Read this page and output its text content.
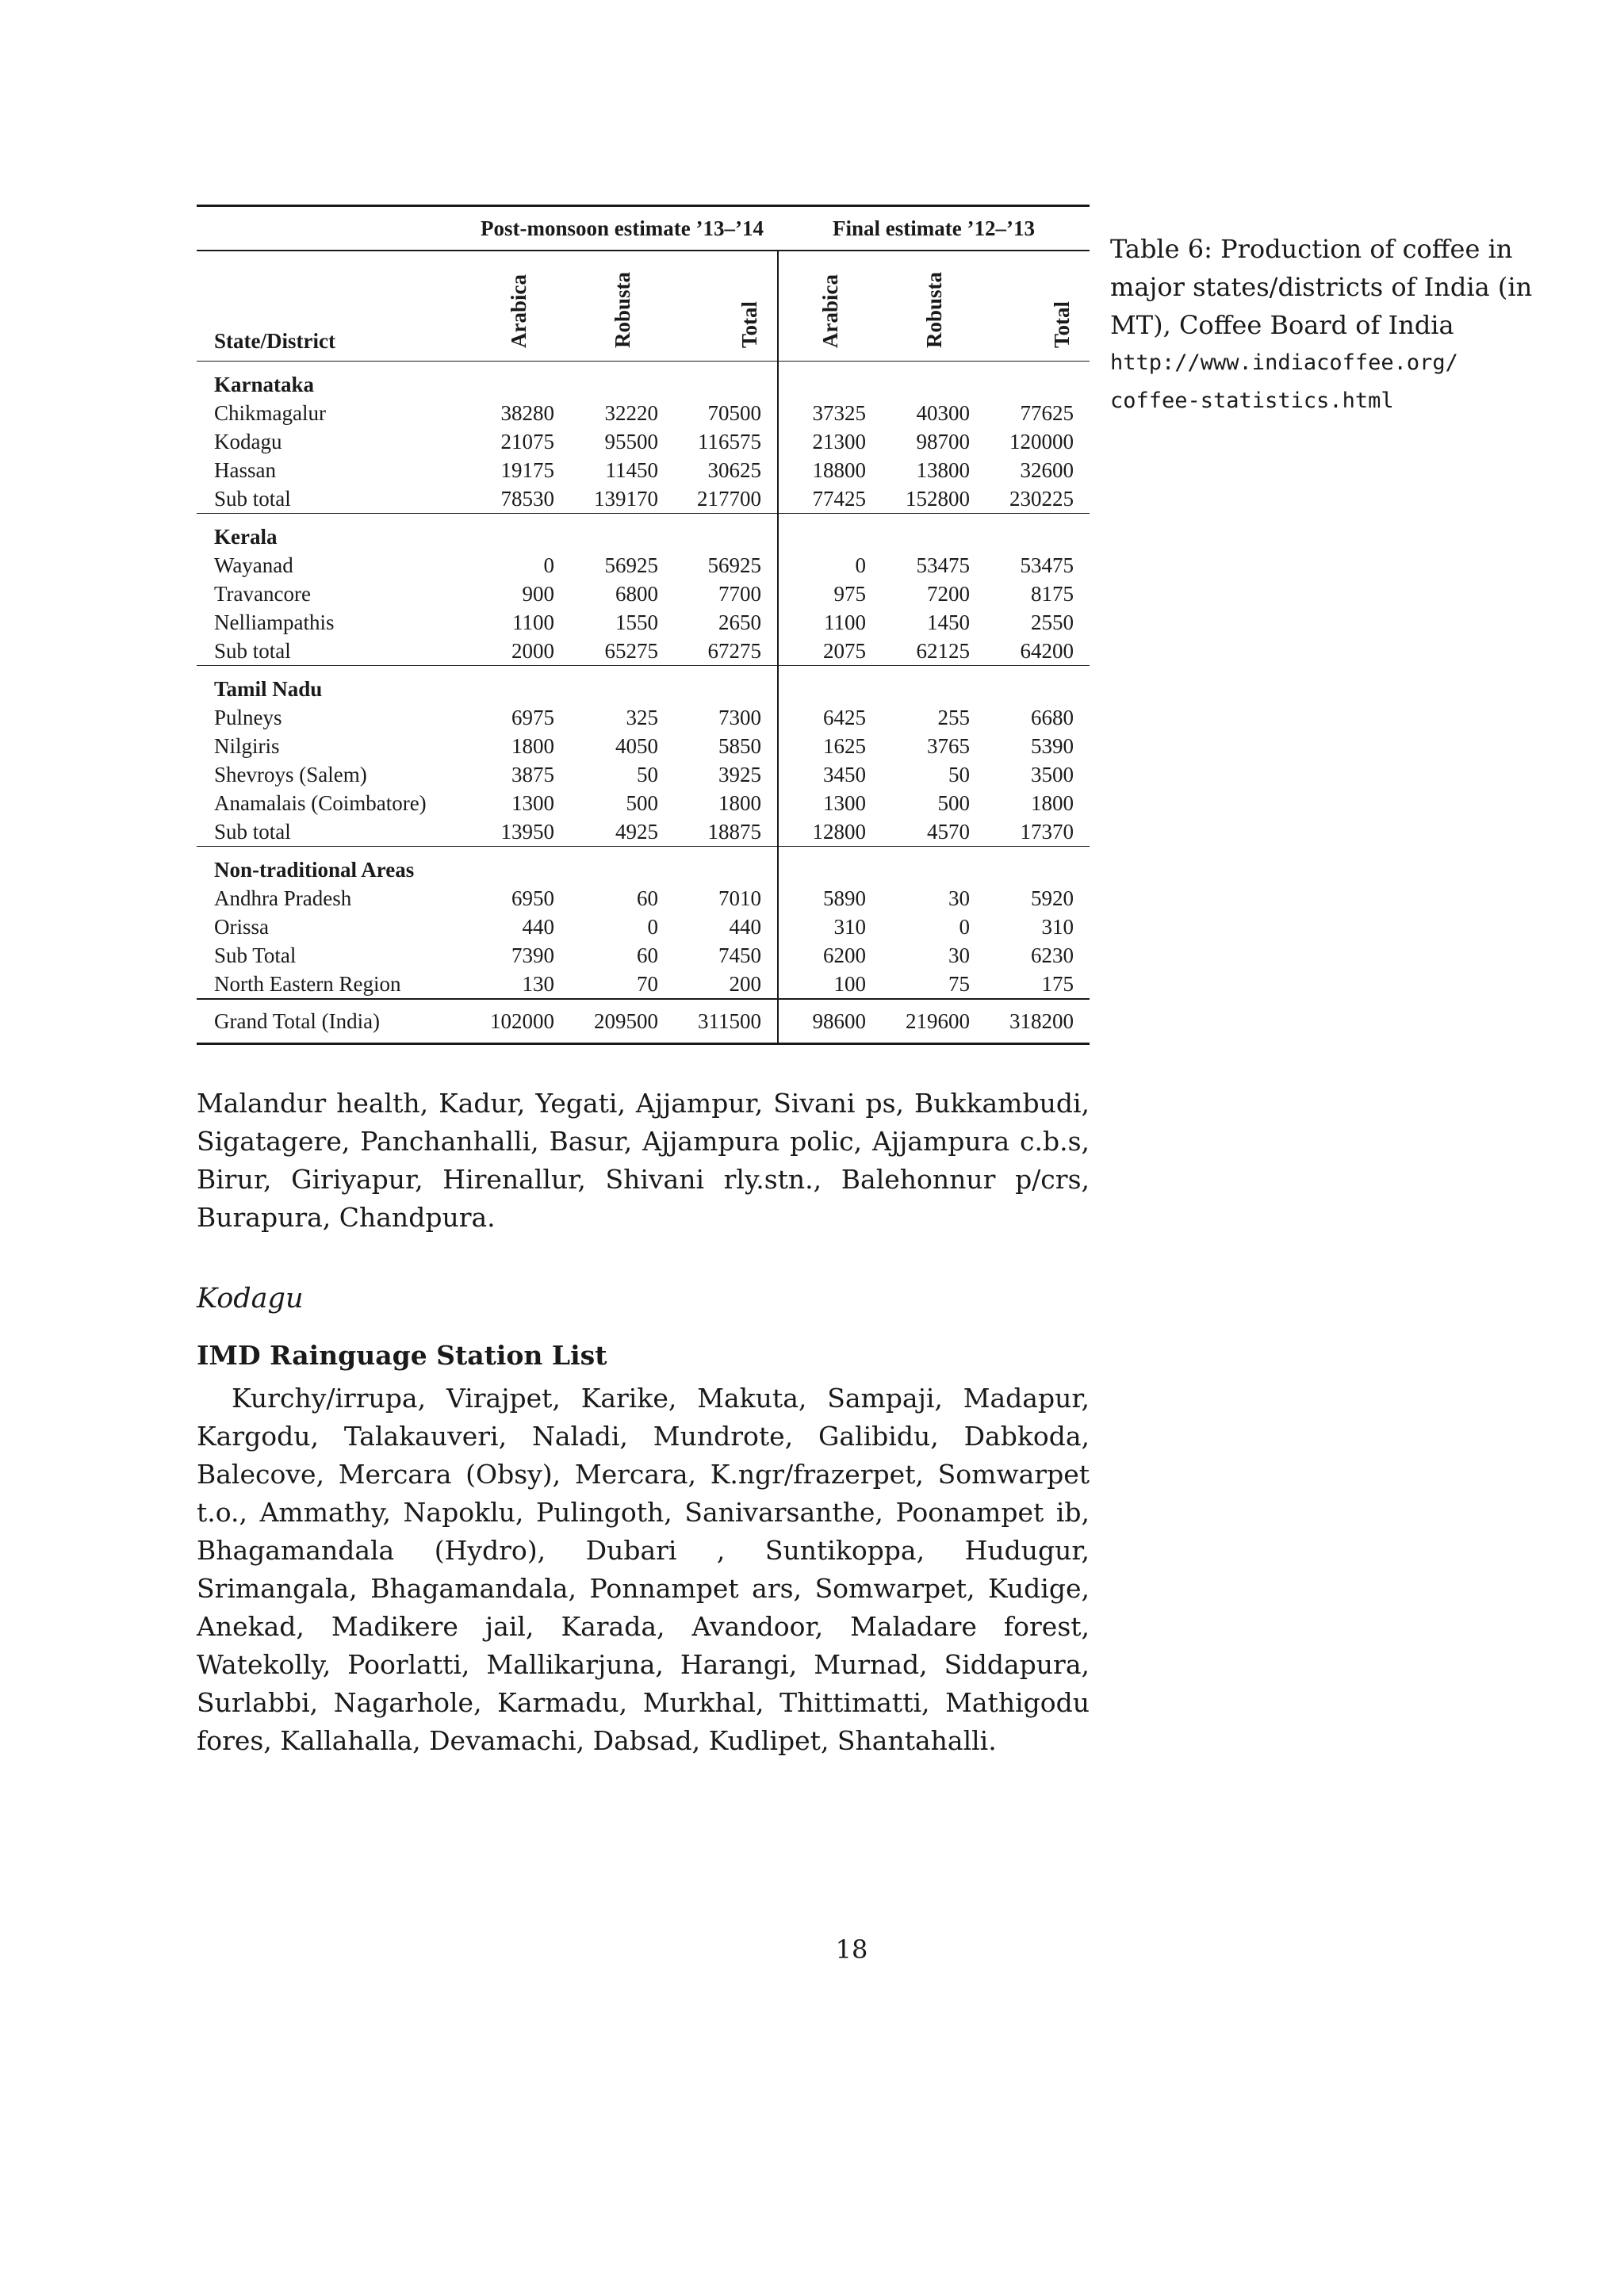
	Post-monsoon estimate ’13–’14			Final estimate ’12–’13		
State/District	Arabica	Robusta	Total	Arabica	Robusta	Total
Karnataka						
Chikmagalur	38280	32220	70500	37325	40300	77625
Kodagu	21075	95500	116575	21300	98700	120000
Hassan	19175	11450	30625	18800	13800	32600
Sub total	78530	139170	217700	77425	152800	230225
Kerala						
Wayanad	0	56925	56925	0	53475	53475
Travancore	900	6800	7700	975	7200	8175
Nelliampathis	1100	1550	2650	1100	1450	2550
Sub total	2000	65275	67275	2075	62125	64200
Tamil Nadu						
Pulneys	6975	325	7300	6425	255	6680
Nilgiris	1800	4050	5850	1625	3765	5390
Shevroys (Salem)	3875	50	3925	3450	50	3500
Anamalais (Coimbatore)	1300	500	1800	1300	500	1800
Sub total	13950	4925	18875	12800	4570	17370
Non-traditional Areas						
Andhra Pradesh	6950	60	7010	5890	30	5920
Orissa	440	0	440	310	0	310
Sub Total	7390	60	7450	6200	30	6230
North Eastern Region	130	70	200	100	75	175
Grand Total (India)	102000	209500	311500	98600	219600	318200
Table 6: Production of coffee in major states/districts of India (in MT), Coffee Board of India
http://www.indiacoffee.org/
coffee-statistics.html

Malandur health, Kadur, Yegati, Ajjampur, Sivani ps, Bukkambudi, Sigatagere, Panchanhalli, Basur, Ajjampura polic, Ajjampura c.b.s, Birur, Giriyapur, Hirenallur, Shivani rly.stn., Balehonnur p/crs, Burapura, Chandpura.

Kodagu
IMD Rainguage Station List

Kurchy/irrupa, Virajpet, Karike, Makuta, Sampaji, Madapur, Kargodu, Talakauveri, Naladi, Mundrote, Galibidu, Dabkoda, Balecove, Mercara (Obsy), Mercara, K.ngr/frazerpet, Somwarpet t.o., Ammathy, Napoklu, Pulingoth, Sanivarsanthe, Poonampet ib, Bhagamandala (Hydro), Dubari , Suntikoppa, Hudugur, Srimangala, Bhagamandala, Ponnampet ars, Somwarpet, Kudige, Anekad, Madikere jail, Karada, Avandoor, Maladare forest, Watekolly, Poorlatti, Mallikarjuna, Harangi, Murnad, Siddapura, Surlabbi, Nagarhole, Karmadu, Murkhal, Thittimatti, Mathigodu fores, Kallahalla, Devamachi, Dabsad, Kudlipet, Shantahalli.

18
